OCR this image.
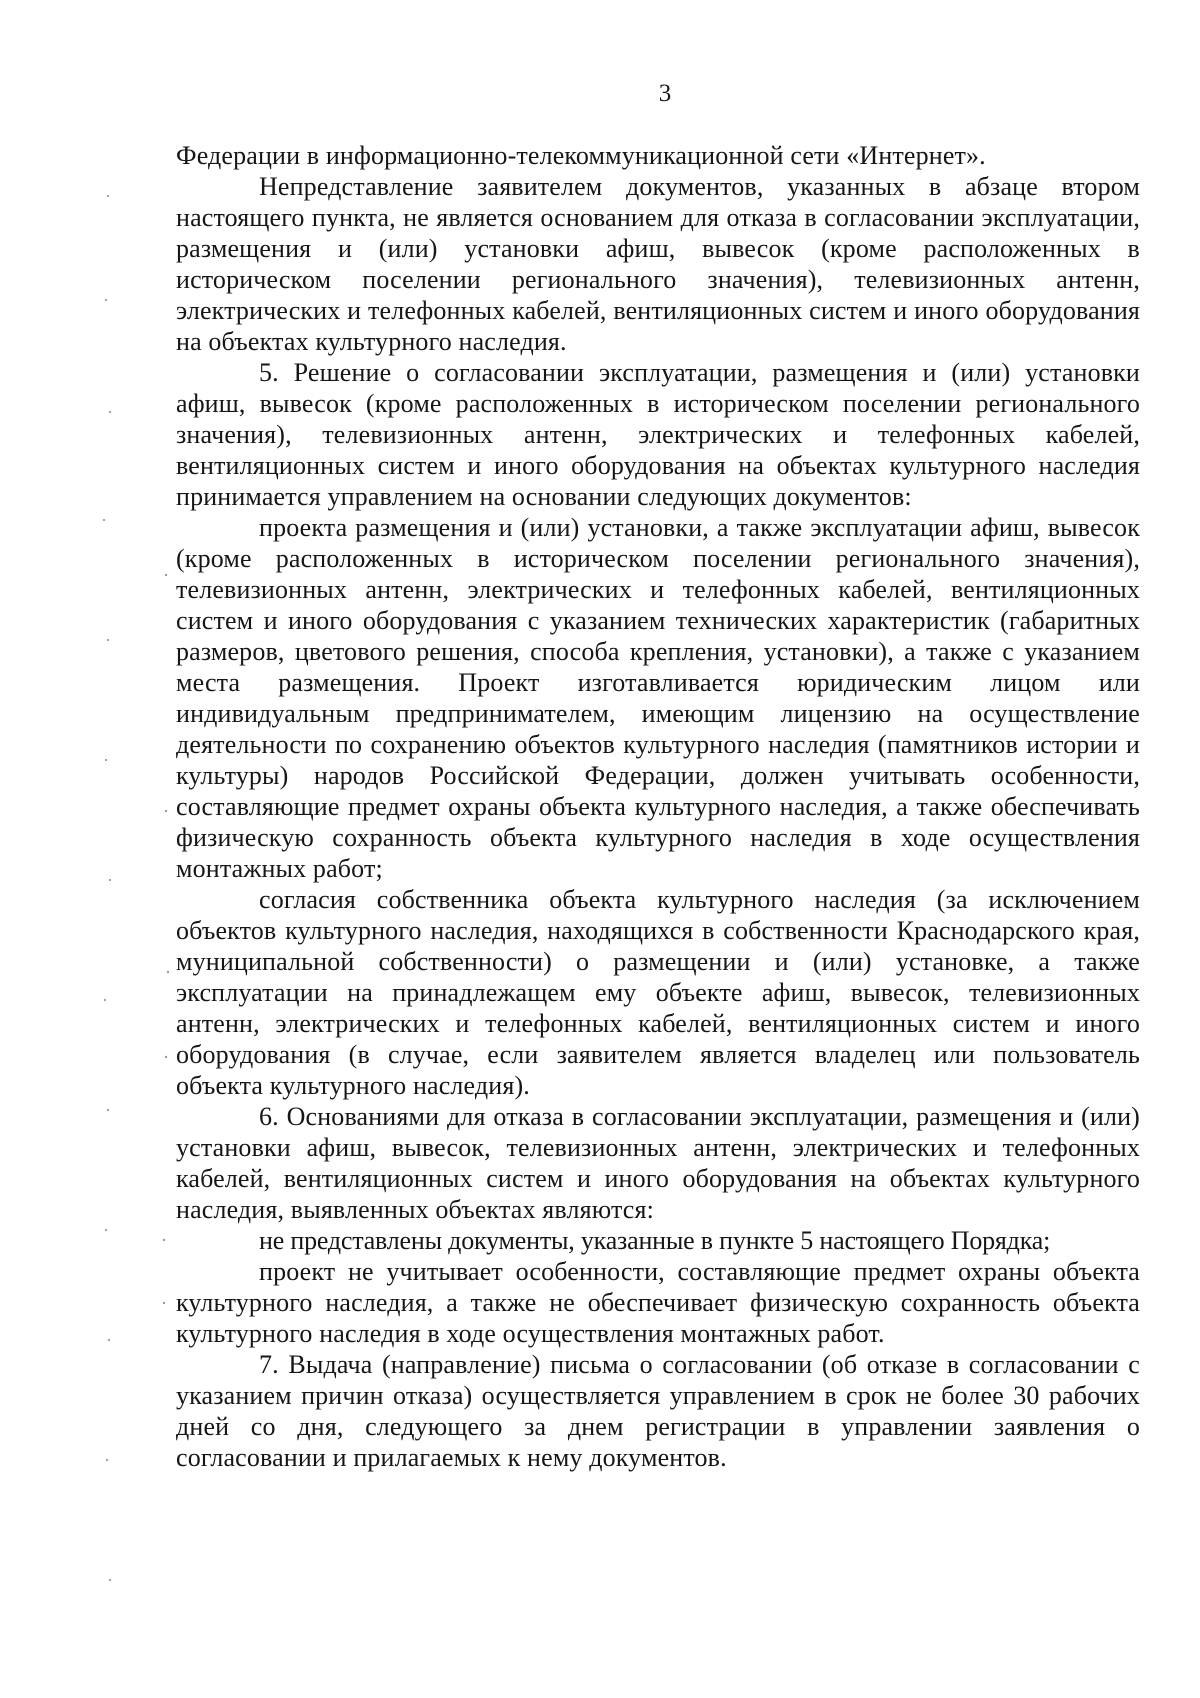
3

Федерации в информационно-телекоммуникационной сети «Интернет».

Непредставление заявителем документов, указанных в абзаце втором настоящего пункта, не является основанием для отказа в согласовании эксплуатации, размещения и (или) установки афиш, вывесок (кроме расположенных в историческом поселении регионального значения), телевизионных антенн, электрических и телефонных кабелей, вентиляционных систем и иного оборудования на объектах культурного наследия.

5. Решение о согласовании эксплуатации, размещения и (или) установки афиш, вывесок (кроме расположенных в историческом поселении регионального значения), телевизионных антенн, электрических и телефонных кабелей, вентиляционных систем и иного оборудования на объектах культурного наследия принимается управлением на основании следующих документов:

проекта размещения и (или) установки, а также эксплуатации афиш, вывесок (кроме расположенных в историческом поселении регионального значения), телевизионных антенн, электрических и телефонных кабелей, вентиляционных систем и иного оборудования с указанием технических характеристик (габаритных размеров, цветового решения, способа крепления, установки), а также с указанием места размещения. Проект изготавливается юридическим лицом или индивидуальным предпринимателем, имеющим лицензию на осуществление деятельности по сохранению объектов культурного наследия (памятников истории и культуры) народов Российской Федерации, должен учитывать особенности, составляющие предмет охраны объекта культурного наследия, а также обеспечивать физическую сохранность объекта культурного наследия в ходе осуществления монтажных работ;

согласия собственника объекта культурного наследия (за исключением объектов культурного наследия, находящихся в собственности Краснодарского края, муниципальной собственности) о размещении и (или) установке, а также эксплуатации на принадлежащем ему объекте афиш, вывесок, телевизионных антенн, электрических и телефонных кабелей, вентиляционных систем и иного оборудования (в случае, если заявителем является владелец или пользователь объекта культурного наследия).

6. Основаниями для отказа в согласовании эксплуатации, размещения и (или) установки афиш, вывесок, телевизионных антенн, электрических и телефонных кабелей, вентиляционных систем и иного оборудования на объектах культурного наследия, выявленных объектах являются:

не представлены документы, указанные в пункте 5 настоящего Порядка;

проект не учитывает особенности, составляющие предмет охраны объекта культурного наследия, а также не обеспечивает физическую сохранность объекта культурного наследия в ходе осуществления монтажных работ.

7. Выдача (направление) письма о согласовании (об отказе в согласовании с указанием причин отказа) осуществляется управлением в срок не более 30 рабочих дней со дня, следующего за днем регистрации в управлении заявления о согласовании и прилагаемых к нему документов.
